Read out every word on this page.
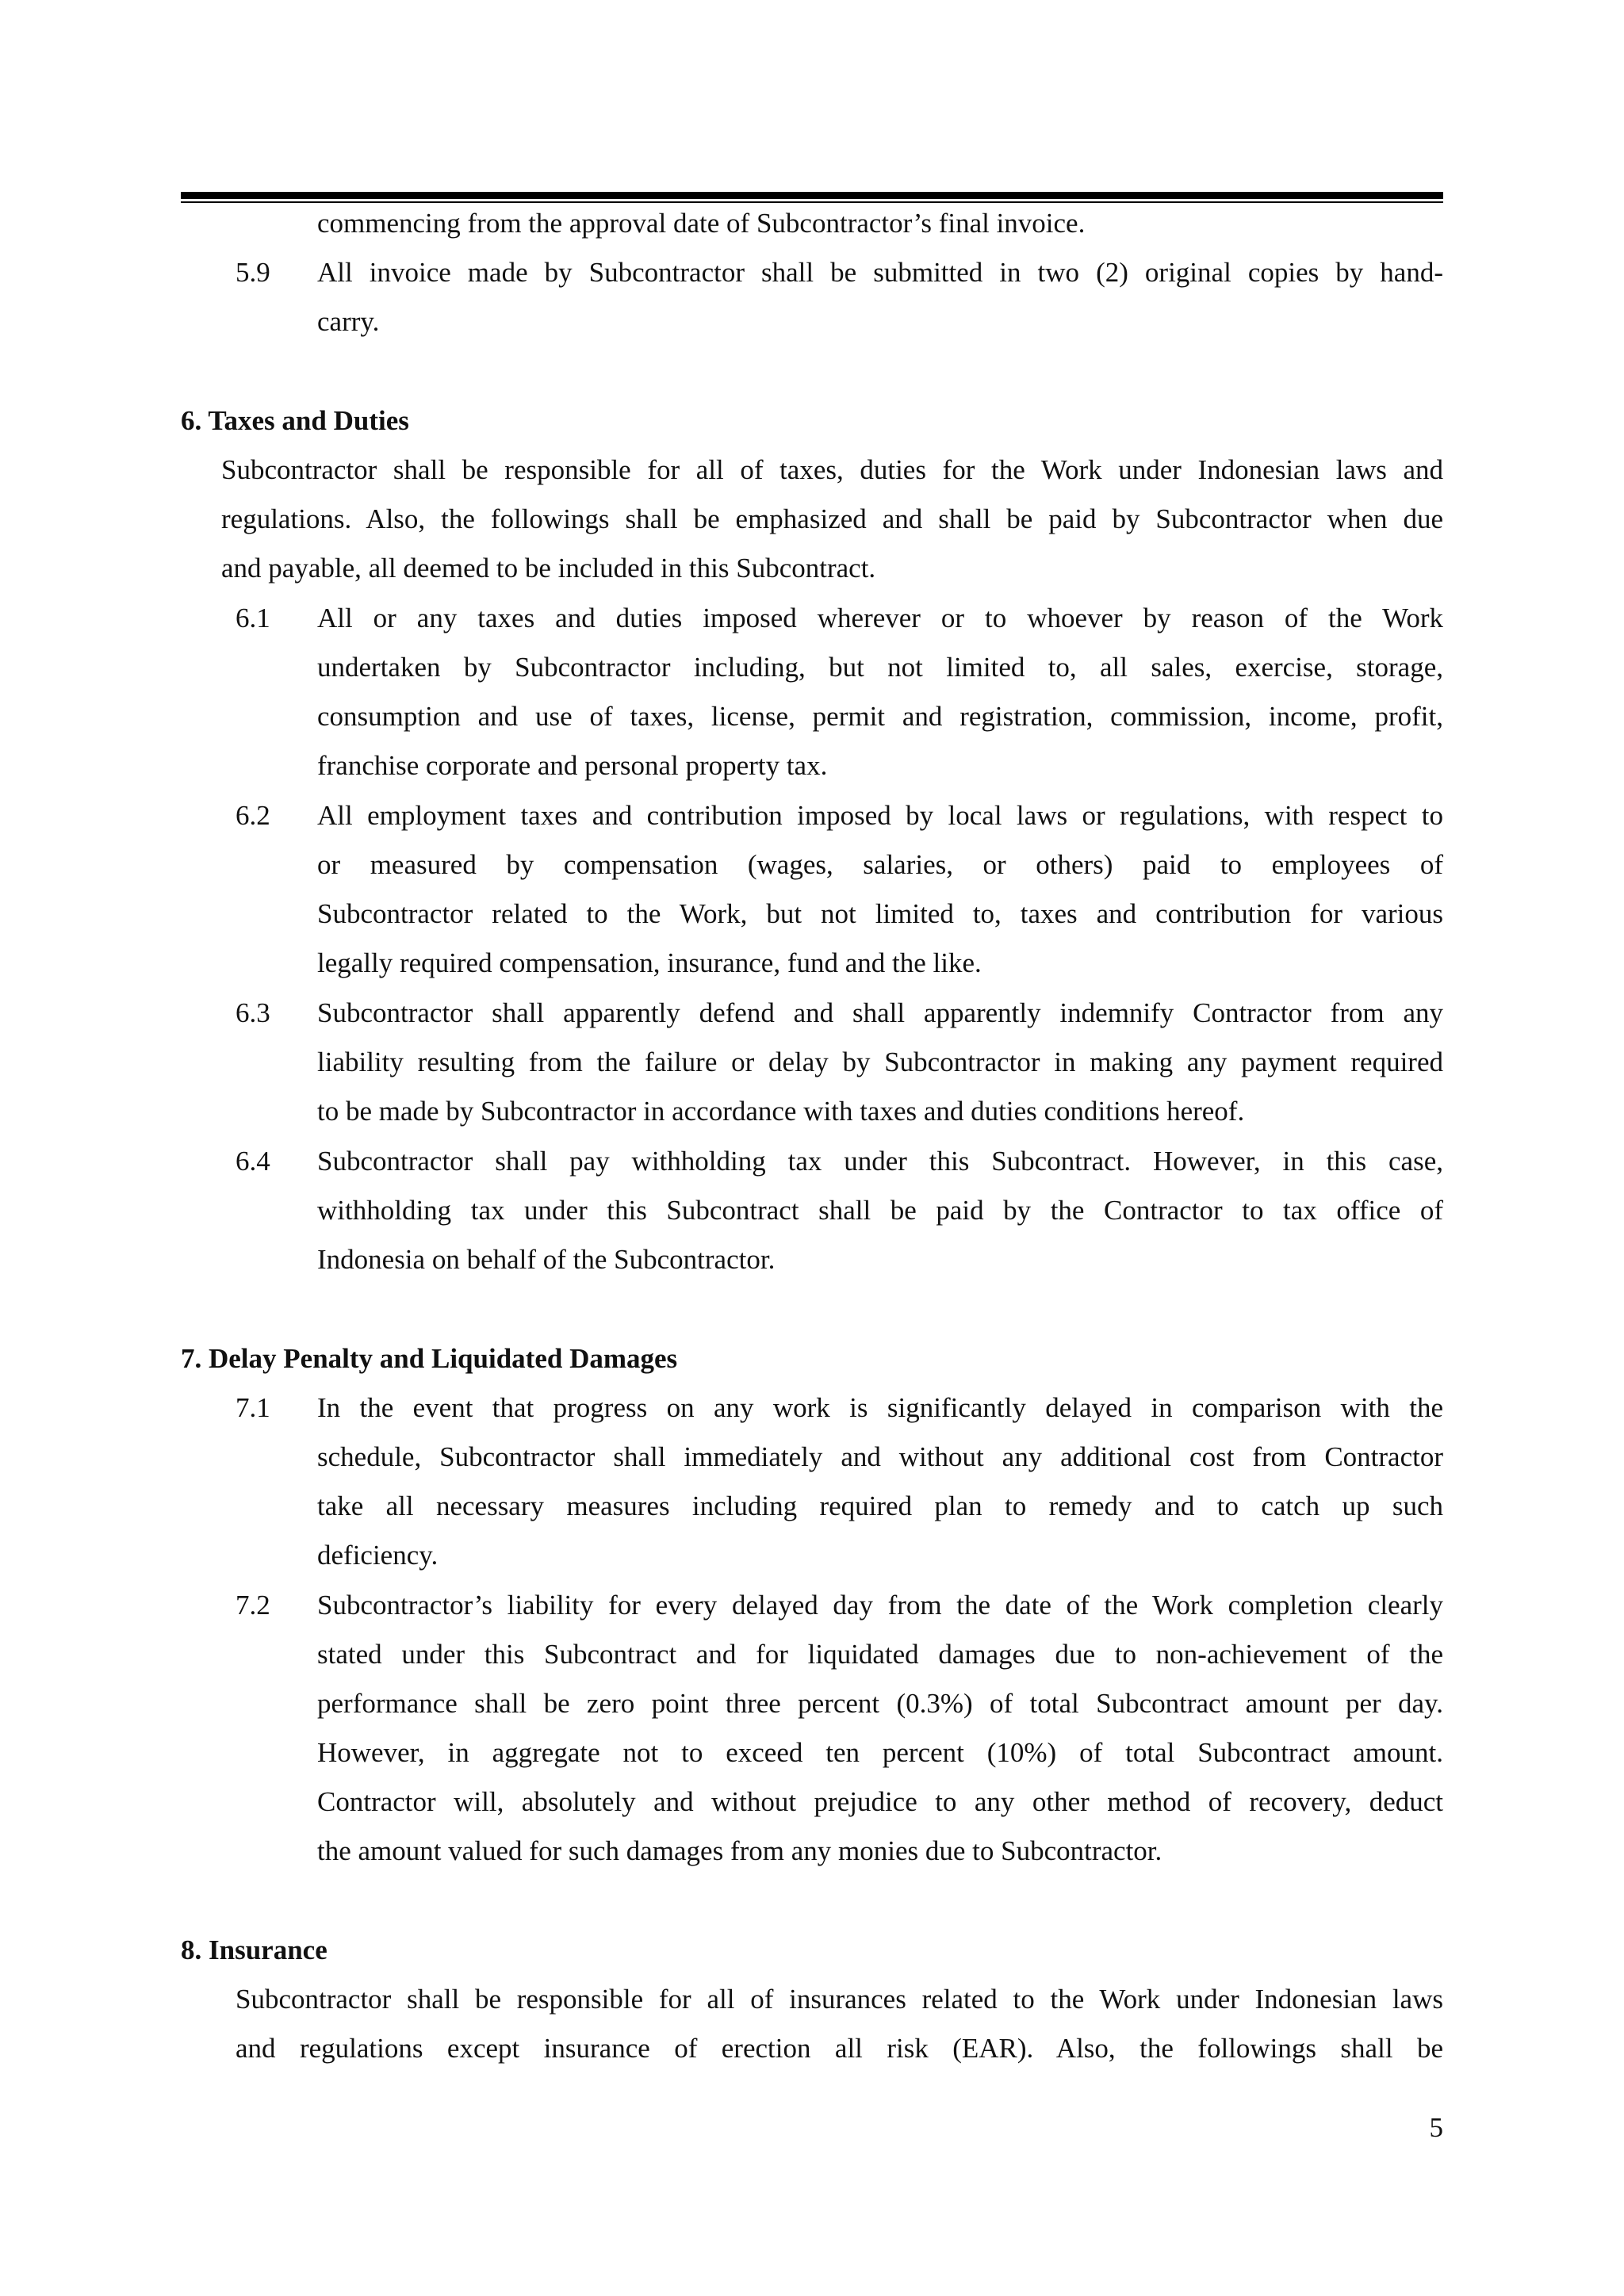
commencing from the approval date of Subcontractor’s final invoice.
5.9 All invoice made by Subcontractor shall be submitted in two (2) original copies by hand-
carry.
6. Taxes and Duties
Subcontractor shall be responsible for all of taxes, duties for the Work under Indonesian laws and
regulations. Also, the followings shall be emphasized and shall be paid by Subcontractor when due
and payable, all deemed to be included in this Subcontract.
6.1 All or any taxes and duties imposed wherever or to whoever by reason of the Work
undertaken by Subcontractor including, but not limited to, all sales, exercise, storage,
consumption and use of taxes, license, permit and registration, commission, income, profit,
franchise corporate and personal property tax.
6.2 All employment taxes and contribution imposed by local laws or regulations, with respect to
or measured by compensation (wages, salaries, or others) paid to employees of
Subcontractor related to the Work, but not limited to, taxes and contribution for various
legally required compensation, insurance, fund and the like.
6.3 Subcontractor shall apparently defend and shall apparently indemnify Contractor from any
liability resulting from the failure or delay by Subcontractor in making any payment required
to be made by Subcontractor in accordance with taxes and duties conditions hereof.
6.4 Subcontractor shall pay withholding tax under this Subcontract. However, in this case,
withholding tax under this Subcontract shall be paid by the Contractor to tax office of
Indonesia on behalf of the Subcontractor.
7. Delay Penalty and Liquidated Damages
7.1 In the event that progress on any work is significantly delayed in comparison with the
schedule, Subcontractor shall immediately and without any additional cost from Contractor
take all necessary measures including required plan to remedy and to catch up such
deficiency.
7.2 Subcontractor’s liability for every delayed day from the date of the Work completion clearly
stated under this Subcontract and for liquidated damages due to non-achievement of the
performance shall be zero point three percent (0.3%) of total Subcontract amount per day.
However, in aggregate not to exceed ten percent (10%) of total Subcontract amount.
Contractor will, absolutely and without prejudice to any other method of recovery, deduct
the amount valued for such damages from any monies due to Subcontractor.
8. Insurance
Subcontractor shall be responsible for all of insurances related to the Work under Indonesian laws
and regulations except insurance of erection all risk (EAR). Also, the followings shall be
5
